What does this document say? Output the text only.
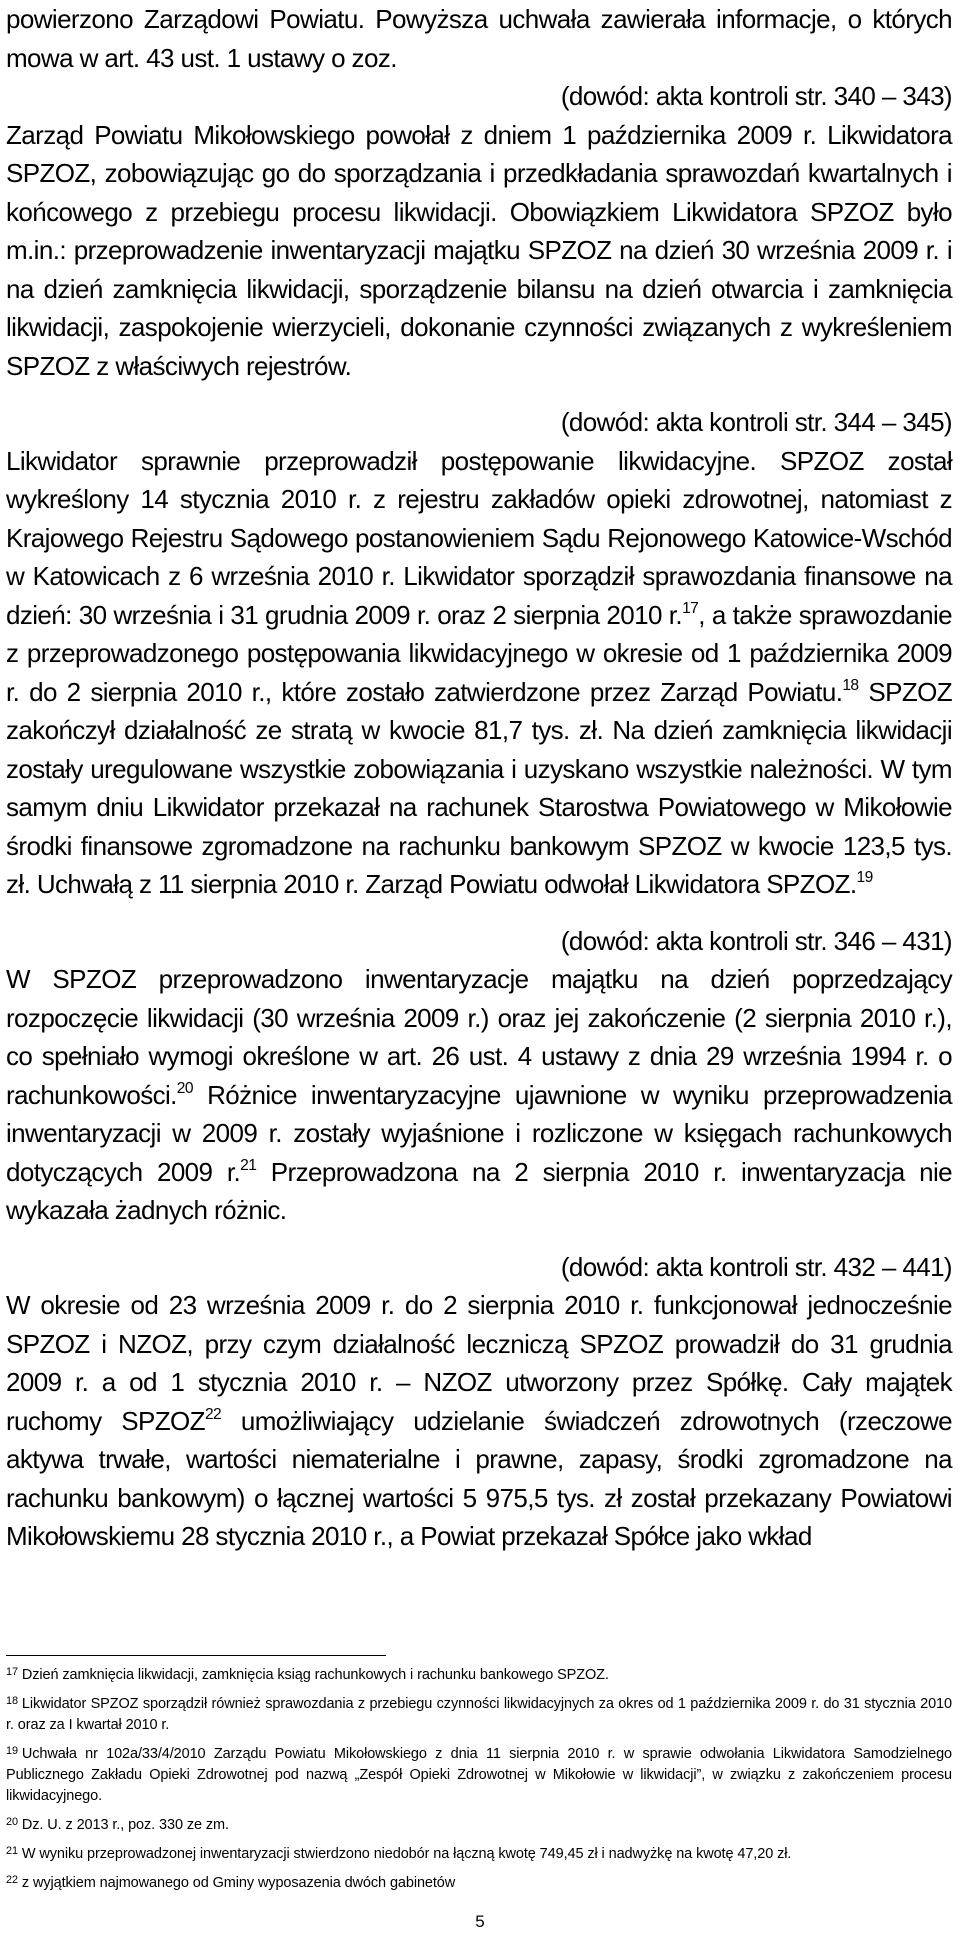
powierzono Zarządowi Powiatu. Powyższa uchwała zawierała informacje, o których mowa w art. 43 ust. 1 ustawy o zoz.

(dowód: akta kontroli str. 340 – 343)

Zarząd Powiatu Mikołowskiego powołał z dniem 1 października 2009 r. Likwidatora SPZOZ, zobowiązując go do sporządzania i przedkładania sprawozdań kwartalnych i końcowego z przebiegu procesu likwidacji. Obowiązkiem Likwidatora SPZOZ było m.in.: przeprowadzenie inwentaryzacji majątku SPZOZ na dzień 30 września 2009 r. i na dzień zamknięcia likwidacji, sporządzenie bilansu na dzień otwarcia i zamknięcia likwidacji, zaspokojenie wierzycieli, dokonanie czynności związanych z wykreśleniem SPZOZ z właściwych rejestrów.

(dowód: akta kontroli str. 344 – 345)

Likwidator sprawnie przeprowadził postępowanie likwidacyjne. SPZOZ został wykreślony 14 stycznia 2010 r. z rejestru zakładów opieki zdrowotnej, natomiast z Krajowego Rejestru Sądowego postanowieniem Sądu Rejonowego Katowice-Wschód w Katowicach z 6 września 2010 r. Likwidator sporządził sprawozdania finansowe na dzień: 30 września i 31 grudnia 2009 r. oraz 2 sierpnia 2010 r.$^{17}$, a także sprawozdanie z przeprowadzonego postępowania likwidacyjnego w okresie od 1 października 2009 r. do 2 sierpnia 2010 r., które zostało zatwierdzone przez Zarząd Powiatu.$^{18}$ SPZOZ zakończył działalność ze stratą w kwocie 81,7 tys. zł. Na dzień zamknięcia likwidacji zostały uregulowane wszystkie zobowiązania i uzyskano wszystkie należności. W tym samym dniu Likwidator przekazał na rachunek Starostwa Powiatowego w Mikołowie środki finansowe zgromadzone na rachunku bankowym SPZOZ w kwocie 123,5 tys. zł. Uchwałą z 11 sierpnia 2010 r. Zarząd Powiatu odwołał Likwidatora SPZOZ.$^{19}$

(dowód: akta kontroli str. 346 – 431)

W SPZOZ przeprowadzono inwentaryzacje majątku na dzień poprzedzający rozpoczęcie likwidacji (30 września 2009 r.) oraz jej zakończenie (2 sierpnia 2010 r.), co spełniało wymogi określone w art. 26 ust. 4 ustawy z dnia 29 września 1994 r. o rachunkowości.$^{20}$ Różnice inwentaryzacyjne ujawnione w wyniku przeprowadzenia inwentaryzacji w 2009 r. zostały wyjaśnione i rozliczone w księgach rachunkowych dotyczących 2009 r.$^{21}$ Przeprowadzona na 2 sierpnia 2010 r. inwentaryzacja nie wykazała żadnych różnic.

(dowód: akta kontroli str. 432 – 441)

W okresie od 23 września 2009 r. do 2 sierpnia 2010 r. funkcjonował jednocześnie SPZOZ i NZOZ, przy czym działalność leczniczą SPZOZ prowadził do 31 grudnia 2009 r. a od 1 stycznia 2010 r. – NZOZ utworzony przez Spółkę. Cały majątek ruchomy SPZOZ$^{22}$ umożliwiający udzielanie świadczeń zdrowotnych (rzeczowe aktywa trwałe, wartości niematerialne i prawne, zapasy, środki zgromadzone na rachunku bankowym) o łącznej wartości 5 975,5 tys. zł został przekazany Powiatowi Mikołowskiemu 28 stycznia 2010 r., a Powiat przekazał Spółce jako wkład

$^{17}$ Dzień zamknięcia likwidacji, zamknięcia ksiąg rachunkowych i rachunku bankowego SPZOZ.

$^{18}$ Likwidator SPZOZ sporządził również sprawozdania z przebiegu czynności likwidacyjnych za okres od 1 października 2009 r. do 31 stycznia 2010 r. oraz za I kwartał 2010 r.

$^{19}$ Uchwała nr 102a/33/4/2010 Zarządu Powiatu Mikołowskiego z dnia 11 sierpnia 2010 r. w sprawie odwołania Likwidatora Samodzielnego Publicznego Zakładu Opieki Zdrowotnej pod nazwą „Zespół Opieki Zdrowotnej w Mikołowie w likwidacji”, w związku z zakończeniem procesu likwidacyjnego.

$^{20}$ Dz. U. z 2013 r., poz. 330 ze zm.

$^{21}$ W wyniku przeprowadzonej inwentaryzacji stwierdzono niedobór na łączną kwotę 749,45 zł i nadwyżkę na kwotę 47,20 zł.

$^{22}$ z wyjątkiem najmowanego od Gminy wyposazenia dwóch gabinetów

5
